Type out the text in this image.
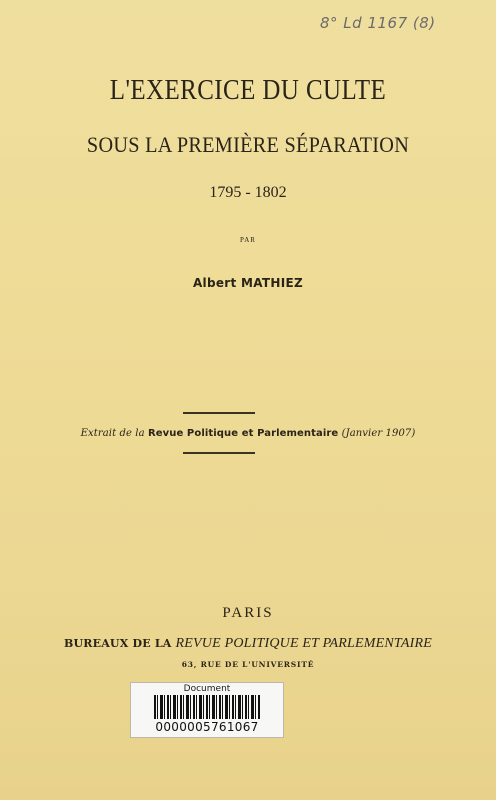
8° Ld 1167 (8)
L'EXERCICE DU CULTE
SOUS LA PREMIÈRE SÉPARATION
1795 - 1802
PAR
Albert MATHIEZ
Extrait de la Revue Politique et Parlementaire (Janvier 1907)
PARIS
BUREAUX DE LA REVUE POLITIQUE ET PARLEMENTAIRE
63, RUE DE L'UNIVERSITÉ
Document
0000005761067
